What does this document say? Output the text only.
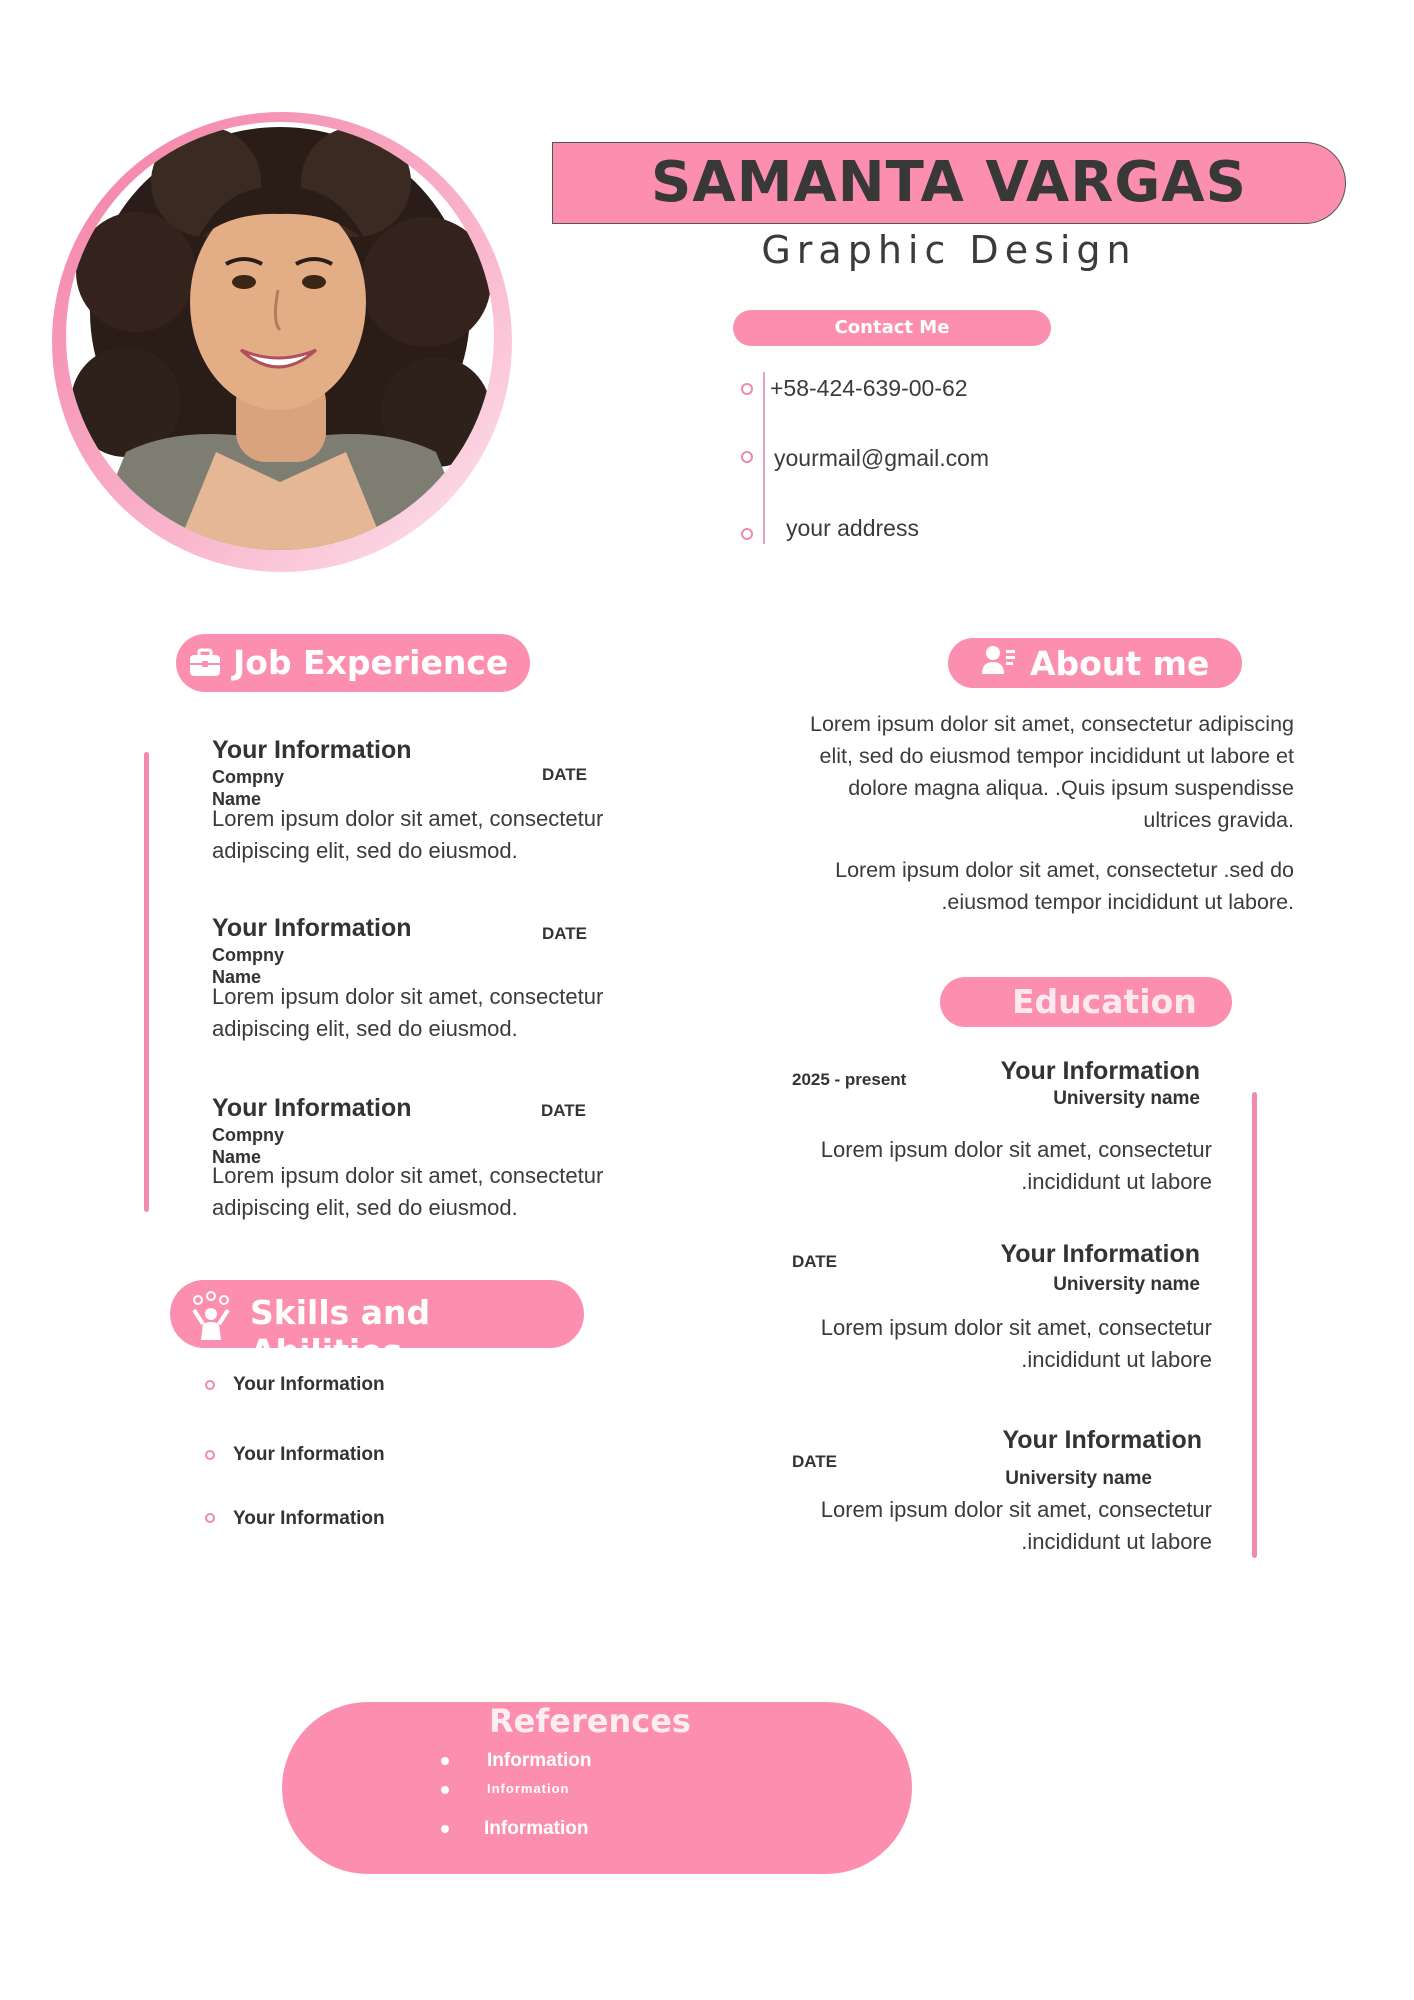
SAMANTA VARGAS
Graphic Design
Contact Me
+58-424-639-00-62
yourmail@gmail.com
your address
Job Experience
Your Information
Compny Name
DATE
Lorem ipsum dolor sit amet, consectetur
adipiscing elit, sed do eiusmod.
Your Information
Compny Name
DATE
Lorem ipsum dolor sit amet, consectetur
adipiscing elit, sed do eiusmod.
Your Information
Compny Name
DATE
Lorem ipsum dolor sit amet, consectetur
adipiscing elit, sed do eiusmod.
About me
Lorem ipsum dolor sit amet, consectetur adipiscing
elit, sed do eiusmod tempor incididunt ut labore et
dolore magna aliqua. .Quis ipsum suspendisse
ultrices gravida.
Lorem ipsum dolor sit amet, consectetur .sed do
.eiusmod tempor incididunt ut labore.
Education
2025 - present	Your Information
University name
Lorem ipsum dolor sit amet, consectetur
.incididunt ut labore
DATE	Your Information
University name
Lorem ipsum dolor sit amet, consectetur
.incididunt ut labore
DATE
Your Information
University name
Lorem ipsum dolor sit amet, consectetur
.incididunt ut labore
Skills and Abilities
Your Information
Your Information
Your Information
References
Information
Information
Information
